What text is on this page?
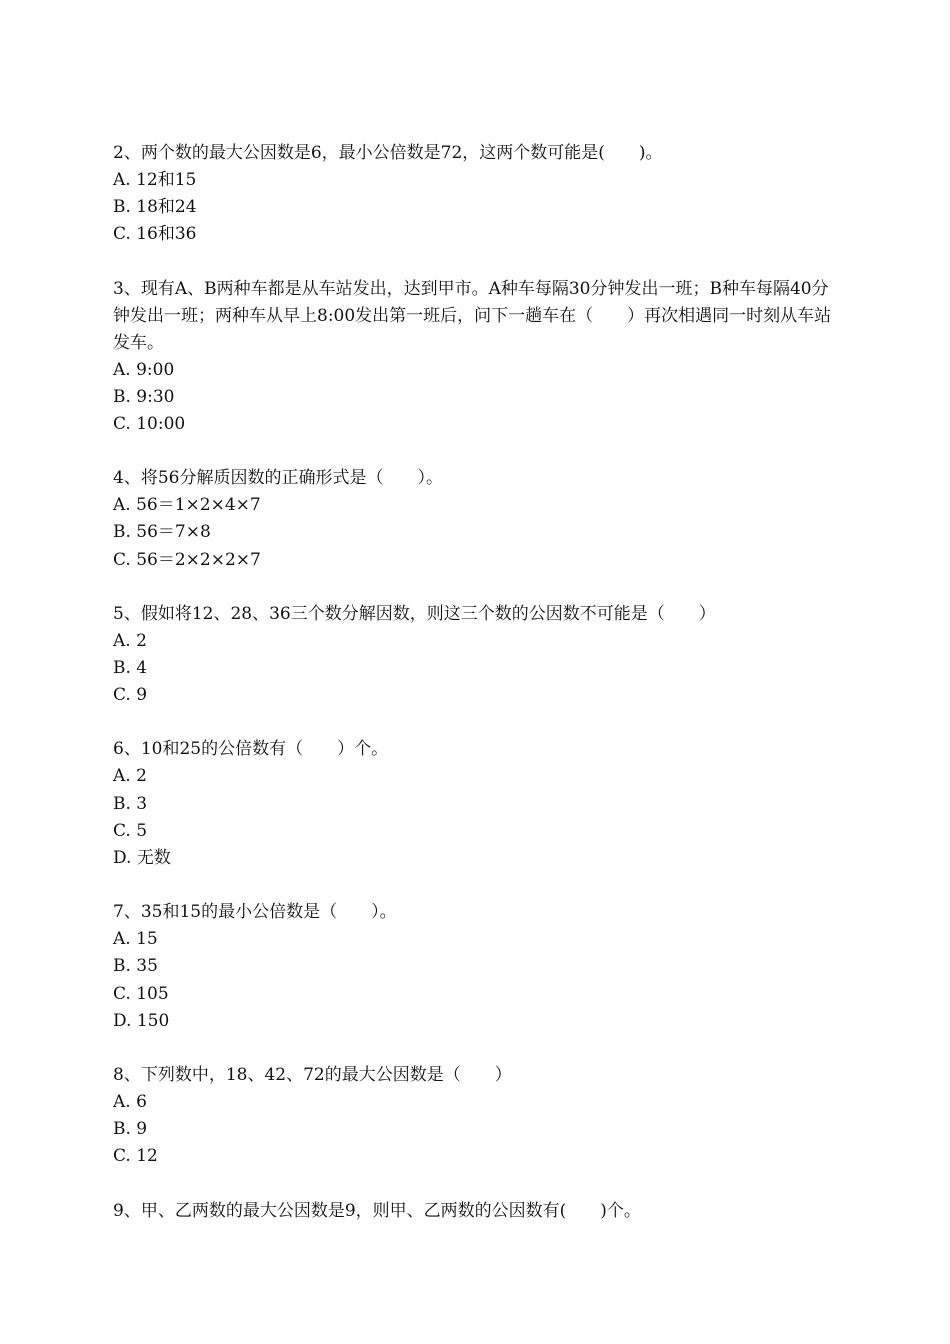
2、两个数的最大公因数是6，最小公倍数是72，这两个数可能是(　　)。

A. 12和15

B. 18和24

C. 16和36

3、现有A、B两种车都是从车站发出，达到甲市。A种车每隔30分钟发出一班；B种车每隔40分钟发出一班；两种车从早上8:00发出第一班后，问下一趟车在（　　）再次相遇同一时刻从车站发车。

A. 9:00

B. 9:30

C. 10:00

4、将56分解质因数的正确形式是（　　）。

A. 56＝1×2×4×7

B. 56＝7×8

C. 56＝2×2×2×7

5、假如将12、28、36三个数分解因数，则这三个数的公因数不可能是（　　）

A. 2

B. 4

C. 9

6、10和25的公倍数有（　　）个。

A. 2

B. 3

C. 5

D. 无数

7、35和15的最小公倍数是（　　）。

A. 15

B. 35

C. 105

D. 150

8、下列数中，18、42、72的最大公因数是（　　）

A. 6

B. 9

C. 12

9、甲、乙两数的最大公因数是9，则甲、乙两数的公因数有(　　)个。
